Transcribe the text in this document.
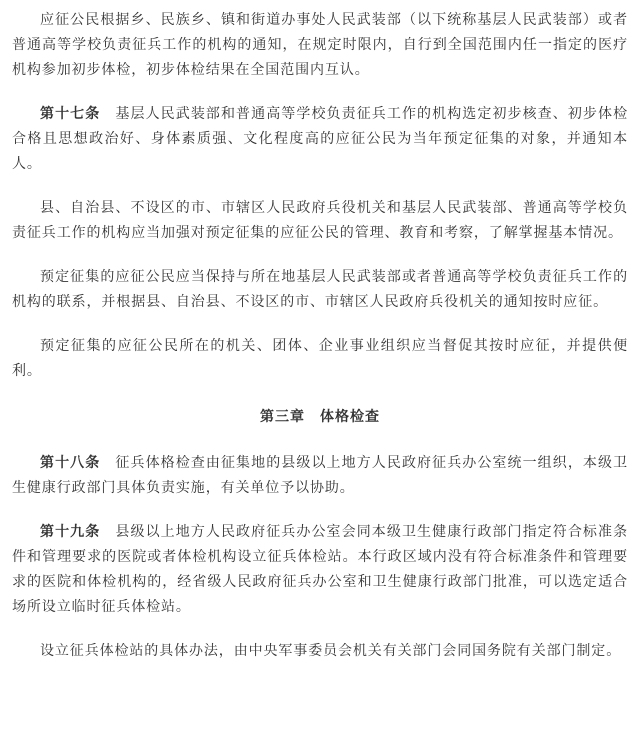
应征公民根据乡、民族乡、镇和街道办事处人民武装部（以下统称基层人民武装部）或者普通高等学校负责征兵工作的机构的通知，在规定时限内，自行到全国范围内任一指定的医疗机构参加初步体检，初步体检结果在全国范围内互认。

第十七条　基层人民武装部和普通高等学校负责征兵工作的机构选定初步核查、初步体检合格且思想政治好、身体素质强、文化程度高的应征公民为当年预定征集的对象，并通知本人。

县、自治县、不设区的市、市辖区人民政府兵役机关和基层人民武装部、普通高等学校负责征兵工作的机构应当加强对预定征集的应征公民的管理、教育和考察，了解掌握基本情况。

预定征集的应征公民应当保持与所在地基层人民武装部或者普通高等学校负责征兵工作的机构的联系，并根据县、自治县、不设区的市、市辖区人民政府兵役机关的通知按时应征。

预定征集的应征公民所在的机关、团体、企业事业组织应当督促其按时应征，并提供便利。

第三章　体格检查

第十八条　征兵体格检查由征集地的县级以上地方人民政府征兵办公室统一组织，本级卫生健康行政部门具体负责实施，有关单位予以协助。

第十九条　县级以上地方人民政府征兵办公室会同本级卫生健康行政部门指定符合标准条件和管理要求的医院或者体检机构设立征兵体检站。本行政区域内没有符合标准条件和管理要求的医院和体检机构的，经省级人民政府征兵办公室和卫生健康行政部门批准，可以选定适合场所设立临时征兵体检站。

设立征兵体检站的具体办法，由中央军事委员会机关有关部门会同国务院有关部门制定。
